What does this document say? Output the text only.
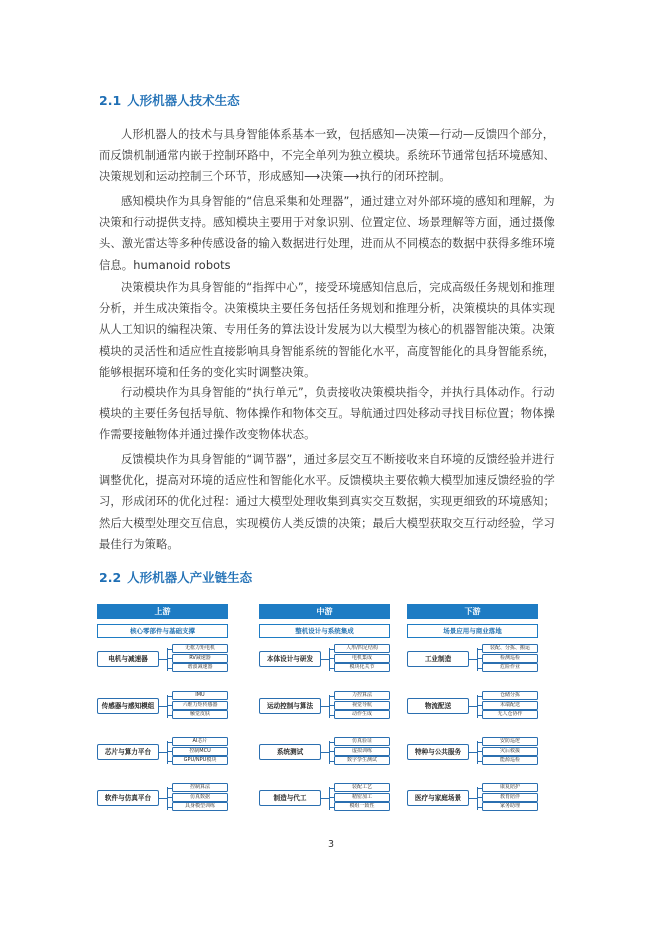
2.1 人形机器人技术生态

人形机器人的技术与具身智能体系基本一致，包括感知—决策—行动—反馈四个部分，而反馈机制通常内嵌于控制环路中，不完全单列为独立模块。系统环节通常包括环境感知、决策规划和运动控制三个环节，形成感知⟶决策⟶执行的闭环控制。

感知模块作为具身智能的“信息采集和处理器”，通过建立对外部环境的感知和理解，为决策和行动提供支持。感知模块主要用于对象识别、位置定位、场景理解等方面，通过摄像头、激光雷达等多种传感设备的输入数据进行处理，进而从不同模态的数据中获得多维环境信息。humanoid robots

决策模块作为具身智能的“指挥中心”，接受环境感知信息后，完成高级任务规划和推理分析，并生成决策指令。决策模块主要任务包括任务规划和推理分析，决策模块的具体实现从人工知识的编程决策、专用任务的算法设计发展为以大模型为核心的机器智能决策。决策模块的灵活性和适应性直接影响具身智能系统的智能化水平，高度智能化的具身智能系统，能够根据环境和任务的变化实时调整决策。

行动模块作为具身智能的“执行单元”，负责接收决策模块指令，并执行具体动作。行动模块的主要任务包括导航、物体操作和物体交互。导航通过四处移动寻找目标位置；物体操作需要接触物体并通过操作改变物体状态。

反馈模块作为具身智能的“调节器”，通过多层交互不断接收来自环境的反馈经验并进行调整优化，提高对环境的适应性和智能化水平。反馈模块主要依赖大模型加速反馈经验的学习，形成闭环的优化过程：通过大模型处理收集到真实交互数据，实现更细致的环境感知；然后大模型处理交互信息，实现模仿人类反馈的决策；最后大模型获取交互行动经验，学习最佳行为策略。

2.2 人形机器人产业链生态
上游
核心零部件与基础支撑
电机与减速器
无框力矩电机
RV减速器
谐波减速器
传感器与感知模组
IMU
六维力矩传感器
触觉皮肤
芯片与算力平台
AI芯片
控制MCU
GPU/NPU模块
软件与仿真平台
控制算法
仿真数据
具身模型训练
中游
整机设计与系统集成
本体设计与研发
人形/四足结构
电机集成
模块化关节
运动控制与算法
力控算法
视觉导航
动作生成
系统测试
仿真验证
虚拟训练
数字孪生测试
制造与代工
装配工艺
精密加工
模组一致性
下游
场景应用与商业落地
工业制造
装配、分拣、搬运
检测巡检
危险作业
物流配送
仓储分拣
末端配送
无人仓协作
特种与公共服务
安防巡逻
灾后救援
能源巡检
医疗与家庭场景
康复陪护
教育陪伴
家务助理
3
